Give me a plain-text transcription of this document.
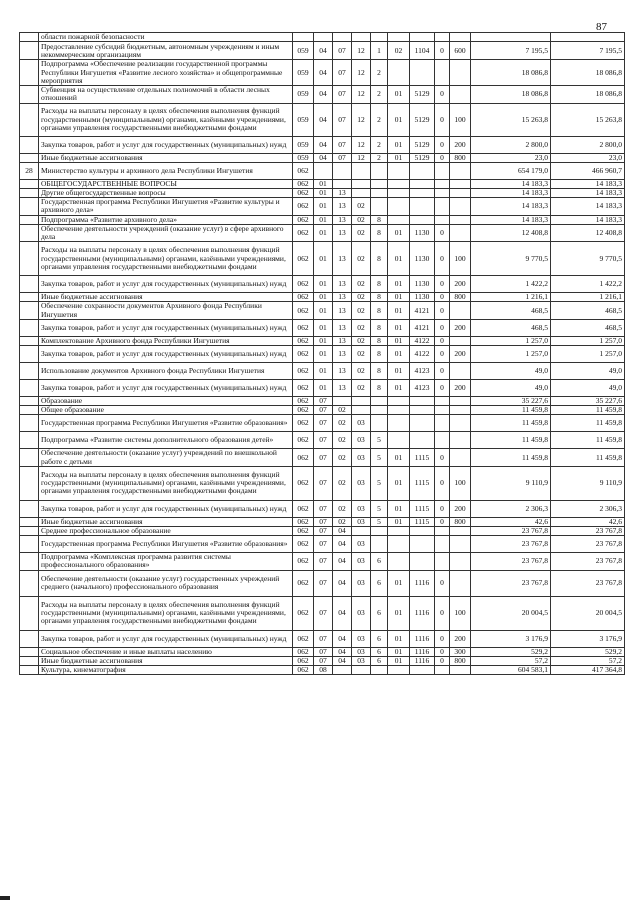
87
	области пожарной безопасности											
	Предоставление субсидий бюджетным, автономным учреждениям и иным некоммерческим организациям	059	04	07	12	1	02	1104	0	600	7 195,5	7 195,5
	Подпрограмма «Обеспечение реализации государственной программы Республики Ингушетия «Развитие лесного хозяйства» и общепрограммные мероприятия	059	04	07	12	2					18 086,8	18 086,8
	Субвенция на осуществление отдельных полномочий в области лесных отношений	059	04	07	12	2	01	5129	0		18 086,8	18 086,8
	Расходы на выплаты персоналу в целях обеспечения выполнения функций государственными (муниципальными) органами, казёнными учреждениями, органами управления государственными внебюджетными фондами	059	04	07	12	2	01	5129	0	100	15 263,8	15 263,8
	Закупка товаров, работ и услуг для государственных (муниципальных) нужд	059	04	07	12	2	01	5129	0	200	2 800,0	2 800,0
	Иные бюджетные ассигнования	059	04	07	12	2	01	5129	0	800	23,0	23,0
28	Министерство культуры и архивного дела Республики Ингушетия	062									654 179,0	466 960,7
	ОБЩЕГОСУДАРСТВЕННЫЕ ВОПРОСЫ	062	01								14 183,3	14 183,3
	Другие общегосударственные вопросы	062	01	13							14 183,3	14 183,3
	Государственная программа Республики Ингушетия «Развитие культуры и архивного дела»	062	01	13	02						14 183,3	14 183,3
	Подпрограмма «Развитие архивного дела»	062	01	13	02	8					14 183,3	14 183,3
	Обеспечение деятельности учреждений (оказание услуг) в сфере архивного дела	062	01	13	02	8	01	1130	0		12 408,8	12 408,8
	Расходы на выплаты персоналу в целях обеспечения выполнения функций государственными (муниципальными) органами, казёнными учреждениями, органами управления государственными внебюджетными фондами	062	01	13	02	8	01	1130	0	100	9 770,5	9 770,5
	Закупка товаров, работ и услуг для государственных (муниципальных) нужд	062	01	13	02	8	01	1130	0	200	1 422,2	1 422,2
	Иные бюджетные ассигнования	062	01	13	02	8	01	1130	0	800	1 216,1	1 216,1
	Обеспечение сохранности документов Архивного фонда Республики Ингушетия	062	01	13	02	8	01	4121	0		468,5	468,5
	Закупка товаров, работ и услуг для государственных (муниципальных) нужд	062	01	13	02	8	01	4121	0	200	468,5	468,5
	Комплектование Архивного фонда Республики Ингушетия	062	01	13	02	8	01	4122	0		1 257,0	1 257,0
	Закупка товаров, работ и услуг для государственных (муниципальных) нужд	062	01	13	02	8	01	4122	0	200	1 257,0	1 257,0
	Использование документов Архивного фонда Республики Ингушетия	062	01	13	02	8	01	4123	0		49,0	49,0
	Закупка товаров, работ и услуг для государственных (муниципальных) нужд	062	01	13	02	8	01	4123	0	200	49,0	49,0
	Образование	062	07								35 227,6	35 227,6
	Общее образование	062	07	02							11 459,8	11 459,8
	Государственная программа Республики Ингушетия «Развитие образования»	062	07	02	03						11 459,8	11 459,8
	Подпрограмма «Развитие системы дополнительного образования детей»	062	07	02	03	5					11 459,8	11 459,8
	Обеспечение деятельности (оказание услуг) учреждений по внешкольной работе с детьми	062	07	02	03	5	01	1115	0		11 459,8	11 459,8
	Расходы на выплаты персоналу в целях обеспечения выполнения функций государственными (муниципальными) органами, казёнными учреждениями, органами управления государственными внебюджетными фондами	062	07	02	03	5	01	1115	0	100	9 110,9	9 110,9
	Закупка товаров, работ и услуг для государственных (муниципальных) нужд	062	07	02	03	5	01	1115	0	200	2 306,3	2 306,3
	Иные бюджетные ассигнования	062	07	02	03	5	01	1115	0	800	42,6	42,6
	Среднее профессиональное образование	062	07	04							23 767,8	23 767,8
	Государственная программа Республики Ингушетия «Развитие образования»	062	07	04	03						23 767,8	23 767,8
	Подпрограмма «Комплексная программа развития системы профессионального образования»	062	07	04	03	6					23 767,8	23 767,8
	Обеспечение деятельности (оказание услуг) государственных учреждений среднего (начального) профессионального образования	062	07	04	03	6	01	1116	0		23 767,8	23 767,8
	Расходы на выплаты персоналу в целях обеспечения выполнения функций государственными (муниципальными) органами, казёнными учреждениями, органами управления государственными внебюджетными фондами	062	07	04	03	6	01	1116	0	100	20 004,5	20 004,5
	Закупка товаров, работ и услуг для государственных (муниципальных) нужд	062	07	04	03	6	01	1116	0	200	3 176,9	3 176,9
	Социальное обеспечение и иные выплаты населению	062	07	04	03	6	01	1116	0	300	529,2	529,2
	Иные бюджетные ассигнования	062	07	04	03	6	01	1116	0	800	57,2	57,2
	Культура, кинематография	062	08								604 583,1	417 364,8
